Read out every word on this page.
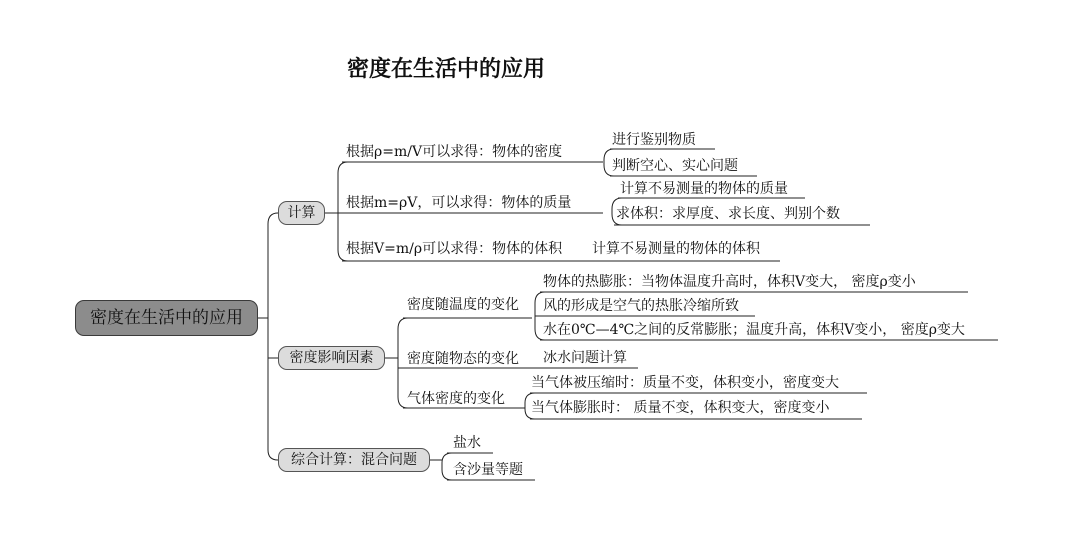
密度在生活中的应用
密度在生活中的应用
计算
根据ρ=m/V可以求得：物体的密度
进行鉴别物质
判断空心、实心问题
根据m=ρV，可以求得：物体的质量
计算不易测量的物体的质量
求体积：求厚度、求长度、判别个数
根据V=m/ρ可以求得：物体的体积 计算不易测量的物体的体积
密度影响因素
密度随温度的变化
物体的热膨胀：当物体温度升高时，体积V变大， 密度ρ变小
风的形成是空气的热胀冷缩所致
水在0℃—4℃之间的反常膨胀；温度升高，体积V变小， 密度ρ变大
密度随物态的变化 冰水问题计算
气体密度的变化
当气体被压缩时：质量不变，体积变小，密度变大
当气体膨胀时： 质量不变，体积变大，密度变小
综合计算：混合问题
盐水
含沙量等题
